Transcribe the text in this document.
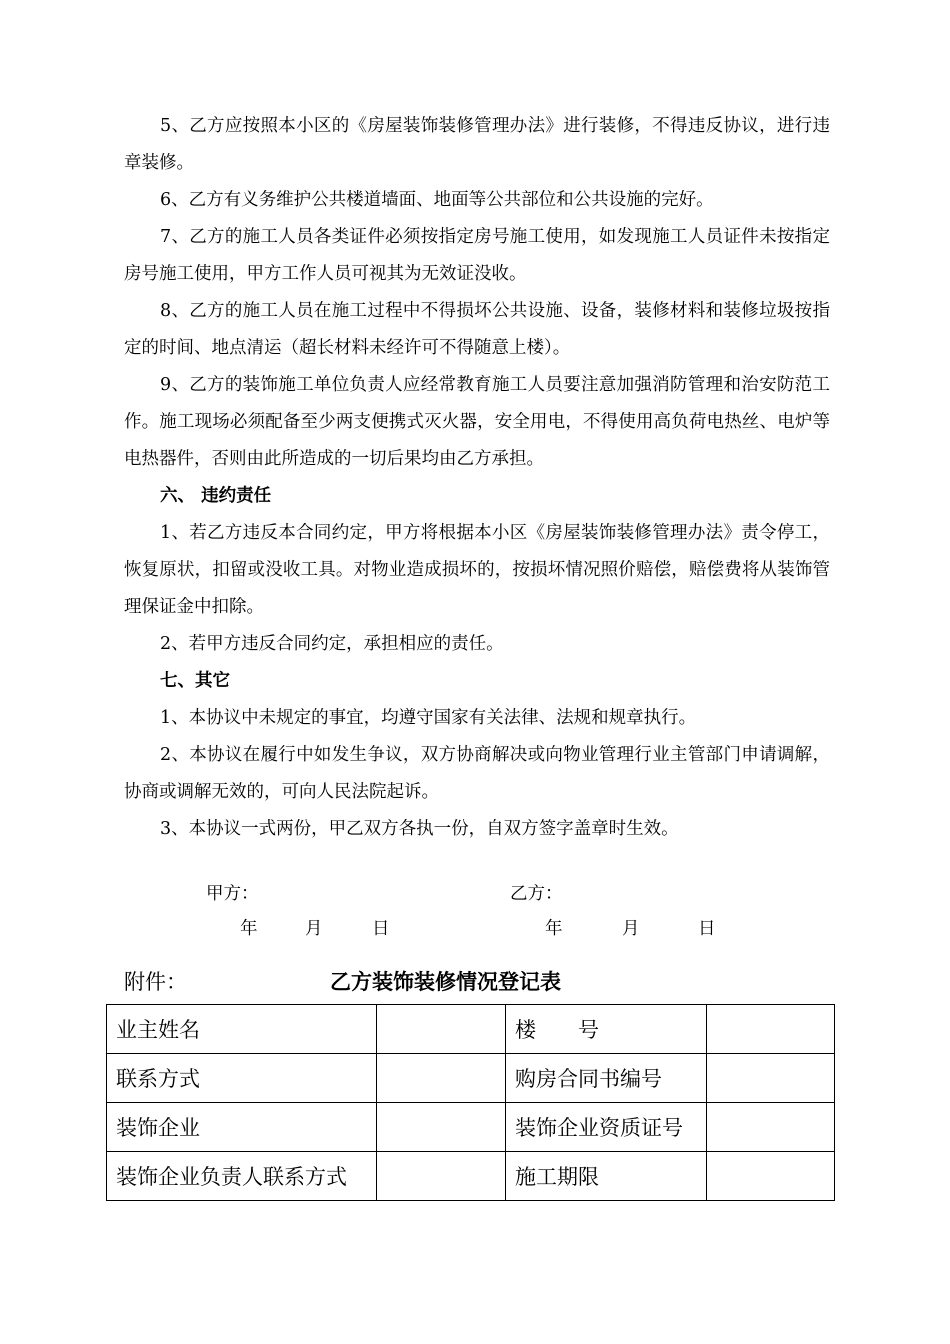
5、乙方应按照本小区的《房屋装饰装修管理办法》进行装修，不得违反协议，进行违章装修。

6、乙方有义务维护公共楼道墙面、地面等公共部位和公共设施的完好。

7、乙方的施工人员各类证件必须按指定房号施工使用，如发现施工人员证件未按指定房号施工使用，甲方工作人员可视其为无效证没收。

8、乙方的施工人员在施工过程中不得损坏公共设施、设备，装修材料和装修垃圾按指定的时间、地点清运（超长材料未经许可不得随意上楼）。

9、乙方的装饰施工单位负责人应经常教育施工人员要注意加强消防管理和治安防范工作。施工现场必须配备至少两支便携式灭火器，安全用电，不得使用高负荷电热丝、电炉等电热器件，否则由此所造成的一切后果均由乙方承担。

六、 违约责任

1、若乙方违反本合同约定，甲方将根据本小区《房屋装饰装修管理办法》责令停工，恢复原状，扣留或没收工具。对物业造成损坏的，按损坏情况照价赔偿，赔偿费将从装饰管理保证金中扣除。

2、若甲方违反合同约定，承担相应的责任。

七、其它

1、本协议中未规定的事宜，均遵守国家有关法律、法规和规章执行。

2、本协议在履行中如发生争议，双方协商解决或向物业管理行业主管部门申请调解，协商或调解无效的，可向人民法院起诉。

3、本协议一式两份，甲乙双方各执一份，自双方签字盖章时生效。

甲方：	乙方：
年	月	日	年	月	日
附件：	乙方装饰装修情况登记表
业主姓名		楼　　号	
联系方式		购房合同书编号	
装饰企业		装饰企业资质证号	
装饰企业负责人联系方式		施工期限	
